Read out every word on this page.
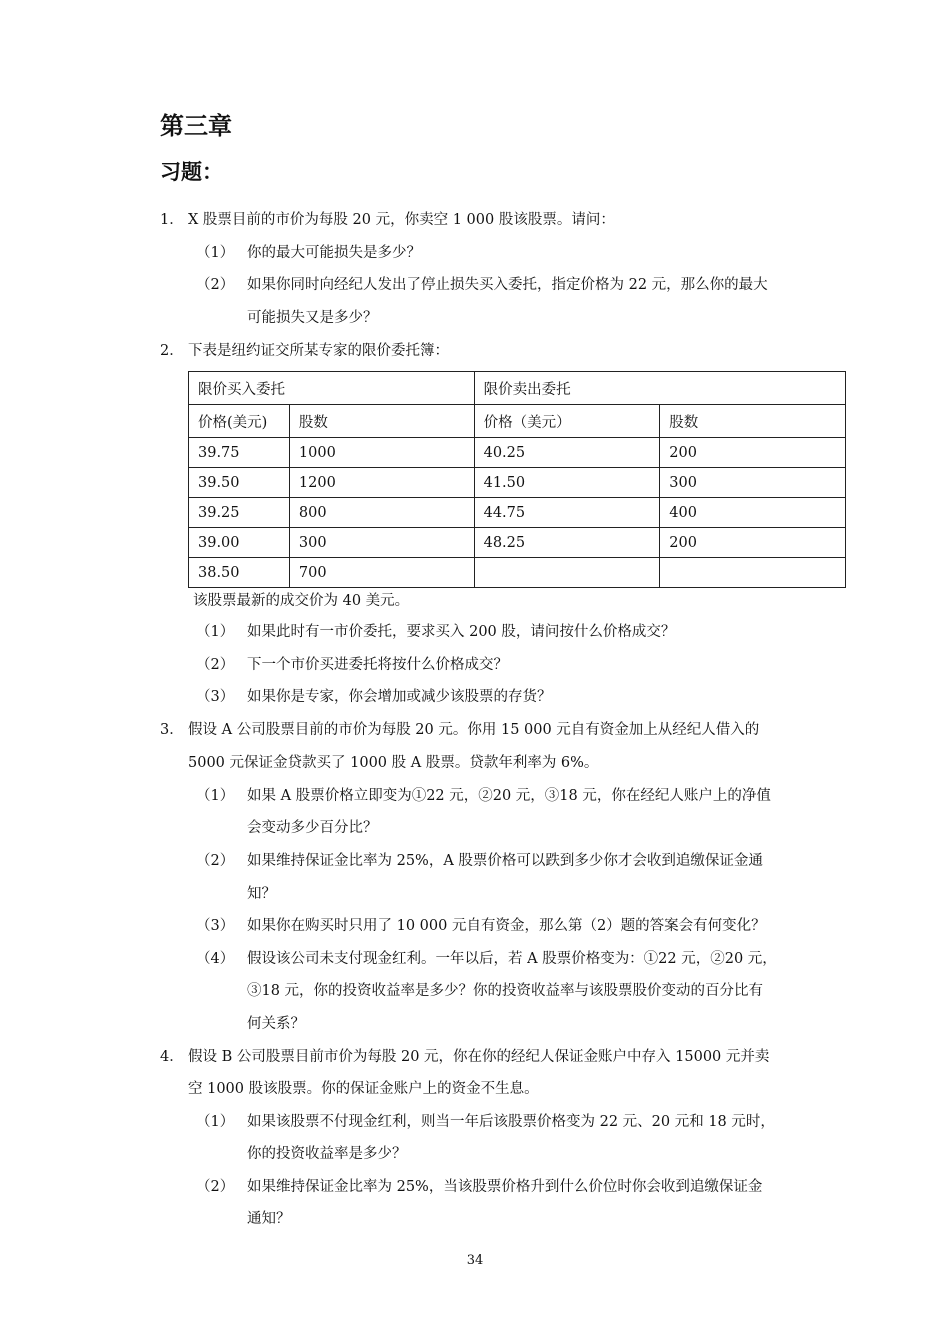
第三章
习题：
1． X 股票目前的市价为每股 20 元，你卖空 1 000 股该股票。请问：
（1） 你的最大可能损失是多少？
（2） 如果你同时向经纪人发出了停止损失买入委托，指定价格为 22 元，那么你的最大
可能损失又是多少？
2． 下表是纽约证交所某专家的限价委托簿：
限价买入委托		限价卖出委托	
价格(美元)	股数	价格（美元）	股数
39.75	1000	40.25	200
39.50	1200	41.50	300
39.25	800	44.75	400
39.00	300	48.25	200
38.50	700		
该股票最新的成交价为 40 美元。
（1） 如果此时有一市价委托，要求买入 200 股，请问按什么价格成交？
（2） 下一个市价买进委托将按什么价格成交？
（3） 如果你是专家，你会增加或减少该股票的存货？
3． 假设 A 公司股票目前的市价为每股 20 元。你用 15 000 元自有资金加上从经纪人借入的
5000 元保证金贷款买了 1000 股 A 股票。贷款年利率为 6%。
（1） 如果 A 股票价格立即变为①22 元，②20 元，③18 元，你在经纪人账户上的净值
会变动多少百分比？
（2） 如果维持保证金比率为 25%，A 股票价格可以跌到多少你才会收到追缴保证金通
知？
（3） 如果你在购买时只用了 10 000 元自有资金，那么第（2）题的答案会有何变化？
（4） 假设该公司未支付现金红利。一年以后，若 A 股票价格变为：①22 元，②20 元，
③18 元，你的投资收益率是多少？你的投资收益率与该股票股价变动的百分比有
何关系？
4． 假设 B 公司股票目前市价为每股 20 元，你在你的经纪人保证金账户中存入 15000 元并卖
空 1000 股该股票。你的保证金账户上的资金不生息。
（1） 如果该股票不付现金红利，则当一年后该股票价格变为 22 元、20 元和 18 元时，
你的投资收益率是多少？
（2） 如果维持保证金比率为 25%，当该股票价格升到什么价位时你会收到追缴保证金
通知？
34
